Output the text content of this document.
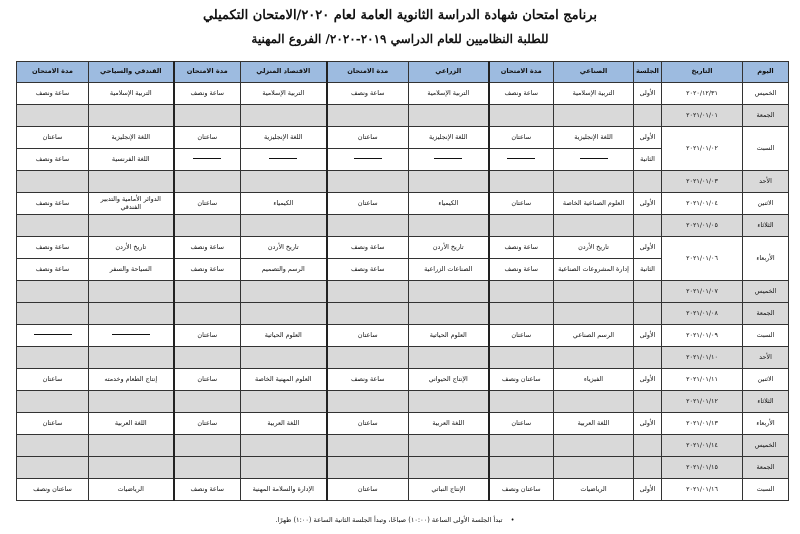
برنامج امتحان شهادة الدراسة الثانوية العامة لعام ٢٠٢٠/الامتحان التكميلي
للطلبة النظاميين للعام الدراسي ٢٠١٩-٢٠٢٠/ الفروع المهنية
اليوم	التاريخ	الجلسة	الصناعي	مدة الامتحان	الزراعي	مدة الامتحان	الاقتصاد المنزلي	مدة الامتحان	الفندقي والسياحي	مدة الامتحان
الخميس	٢٠٢٠/١٢/٣١	الأولى	التربية الإسلامية	ساعة ونصف	التربية الإسلامية	ساعة ونصف	التربية الإسلامية	ساعة ونصف	التربية الإسلامية	ساعة ونصف
الجمعة	٢٠٢١/٠١/٠١									
السبت	٢٠٢١/٠١/٠٢	الأولى	اللغة الإنجليزية	ساعتان	اللغة الإنجليزية	ساعتان	اللغة الإنجليزية	ساعتان	اللغة الإنجليزية	ساعتان
		الثانية							اللغة الفرنسية	ساعة ونصف
الأحد	٢٠٢١/٠١/٠٣									
الاثنين	٢٠٢١/٠١/٠٤	الأولى	العلوم الصناعية الخاصة	ساعتان	الكيمياء	ساعتان	الكيمياء	ساعتان	الدوائر الأمامية والتدبير الفندقي	ساعة ونصف
الثلاثاء	٢٠٢١/٠١/٠٥									
الأربعاء	٢٠٢١/٠١/٠٦	الأولى	تاريخ الأردن	ساعة ونصف	تاريخ الأردن	ساعة ونصف	تاريخ الأردن	ساعة ونصف	تاريخ الأردن	ساعة ونصف
		الثانية	إدارة المشروعات الصناعية	ساعة ونصف	الصناعات الزراعية	ساعة ونصف	الرسم والتصميم	ساعة ونصف	السياحة والسفر	ساعة ونصف
الخميس	٢٠٢١/٠١/٠٧									
الجمعة	٢٠٢١/٠١/٠٨									
السبت	٢٠٢١/٠١/٠٩	الأولى	الرسم الصناعي	ساعتان	العلوم الحياتية	ساعتان	العلوم الحياتية	ساعتان		
الأحد	٢٠٢١/٠١/١٠									
الاثنين	٢٠٢١/٠١/١١	الأولى	الفيزياء	ساعتان ونصف	الإنتاج الحيواني	ساعة ونصف	العلوم المهنية الخاصة	ساعتان	إنتاج الطعام وخدمته	ساعتان
الثلاثاء	٢٠٢١/٠١/١٢									
الأربعاء	٢٠٢١/٠١/١٣	الأولى	اللغة العربية	ساعتان	اللغة العربية	ساعتان	اللغة العربية	ساعتان	اللغة العربية	ساعتان
الخميس	٢٠٢١/٠١/١٤									
الجمعة	٢٠٢١/٠١/١٥									
السبت	٢٠٢١/٠١/١٦	الأولى	الرياضيات	ساعتان ونصف	الإنتاج النباتي	ساعتان	الإدارة والسلامة المهنية	ساعة ونصف	الرياضيات	ساعتان ونصف
• تبدأ الجلسة الأولى الساعة (١٠:٠٠) صباحًا، وتبدأ الجلسة الثانية الساعة (١:٠٠) ظهرًا.
